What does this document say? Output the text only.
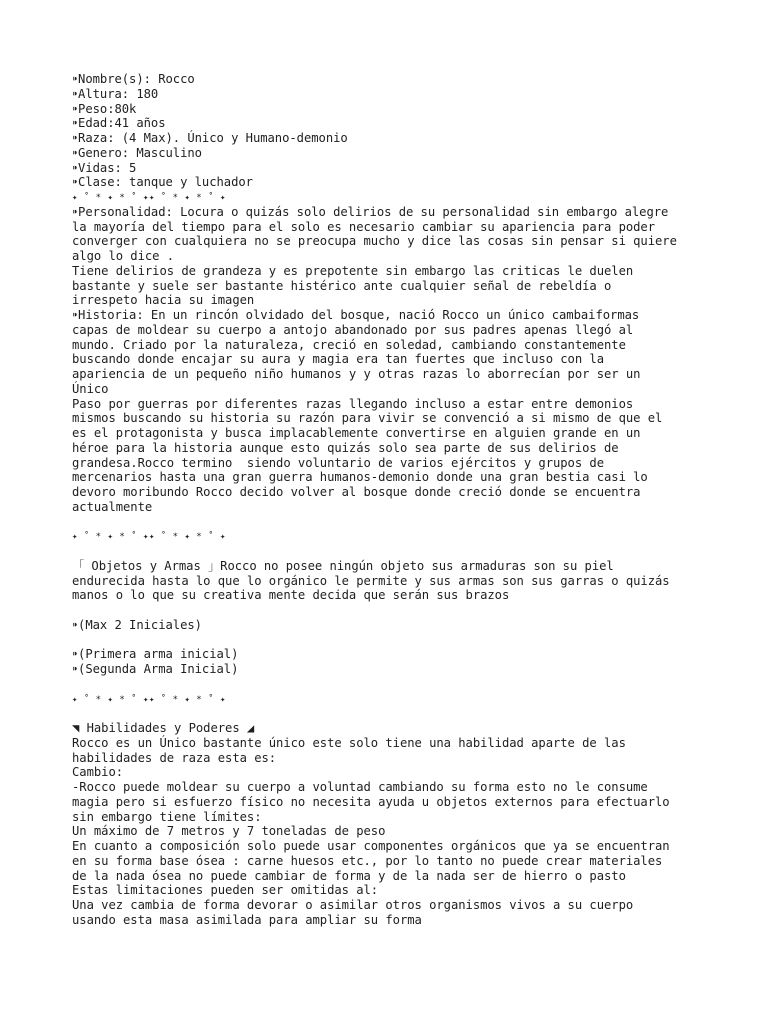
⁍Nombre(s): Rocco
⁍Altura: 180
⁍Peso:80k
⁍Edad:41 años
⁍Raza: (4 Max). Único y Humano-demonio
⁍Genero: Masculino
⁍Vidas: 5
⁍Clase: tanque y luchador
✦ ˚ * ✦ * ˚ ✦✦ ˚ * ✦ * ˚ ✦
⁍Personalidad: Locura o quizás solo delirios de su personalidad sin embargo alegre
la mayoría del tiempo para el solo es necesario cambiar su apariencia para poder
converger con cualquiera no se preocupa mucho y dice las cosas sin pensar si quiere
algo lo dice .
Tiene delirios de grandeza y es prepotente sin embargo las criticas le duelen
bastante y suele ser bastante histérico ante cualquier señal de rebeldía o
irrespeto hacia su imagen
⁍Historia: En un rincón olvidado del bosque, nació Rocco un único cambaiformas
capas de moldear su cuerpo a antojo abandonado por sus padres apenas llegó al
mundo. Criado por la naturaleza, creció en soledad, cambiando constantemente
buscando donde encajar su aura y magia era tan fuertes que incluso con la
apariencia de un pequeño niño humanos y y otras razas lo aborrecían por ser un
Único
Paso por guerras por diferentes razas llegando incluso a estar entre demonios
mismos buscando su historia su razón para vivir se convenció a si mismo de que el
es el protagonista y busca implacablemente convertirse en alguien grande en un
héroe para la historia aunque esto quizás solo sea parte de sus delirios de
grandesa.Rocco termino  siendo voluntario de varios ejércitos y grupos de
mercenarios hasta una gran guerra humanos-demonio donde una gran bestia casi lo
devoro moribundo Rocco decido volver al bosque donde creció donde se encuentra
actualmente
✦ ˚ * ✦ * ˚ ✦✦ ˚ * ✦ * ˚ ✦
「 Objetos y Armas 」Rocco no posee ningún objeto sus armaduras son su piel
endurecida hasta lo que lo orgánico le permite y sus armas son sus garras o quizás
manos o lo que su creativa mente decida que serán sus brazos
⁍(Max 2 Iniciales)
⁍(Primera arma inicial)
⁍(Segunda Arma Inicial)
✦ ˚ * ✦ * ˚ ✦✦ ˚ * ✦ * ˚ ✦
◥ Habilidades y Poderes ◢
Rocco es un Único bastante único este solo tiene una habilidad aparte de las
habilidades de raza esta es:
Cambio:
-Rocco puede moldear su cuerpo a voluntad cambiando su forma esto no le consume
magia pero si esfuerzo físico no necesita ayuda u objetos externos para efectuarlo
sin embargo tiene límites:
Un máximo de 7 metros y 7 toneladas de peso
En cuanto a composición solo puede usar componentes orgánicos que ya se encuentran
en su forma base ósea : carne huesos etc., por lo tanto no puede crear materiales
de la nada ósea no puede cambiar de forma y de la nada ser de hierro o pasto
Estas limitaciones pueden ser omitidas al:
Una vez cambia de forma devorar o asimilar otros organismos vivos a su cuerpo
usando esta masa asimilada para ampliar su forma
